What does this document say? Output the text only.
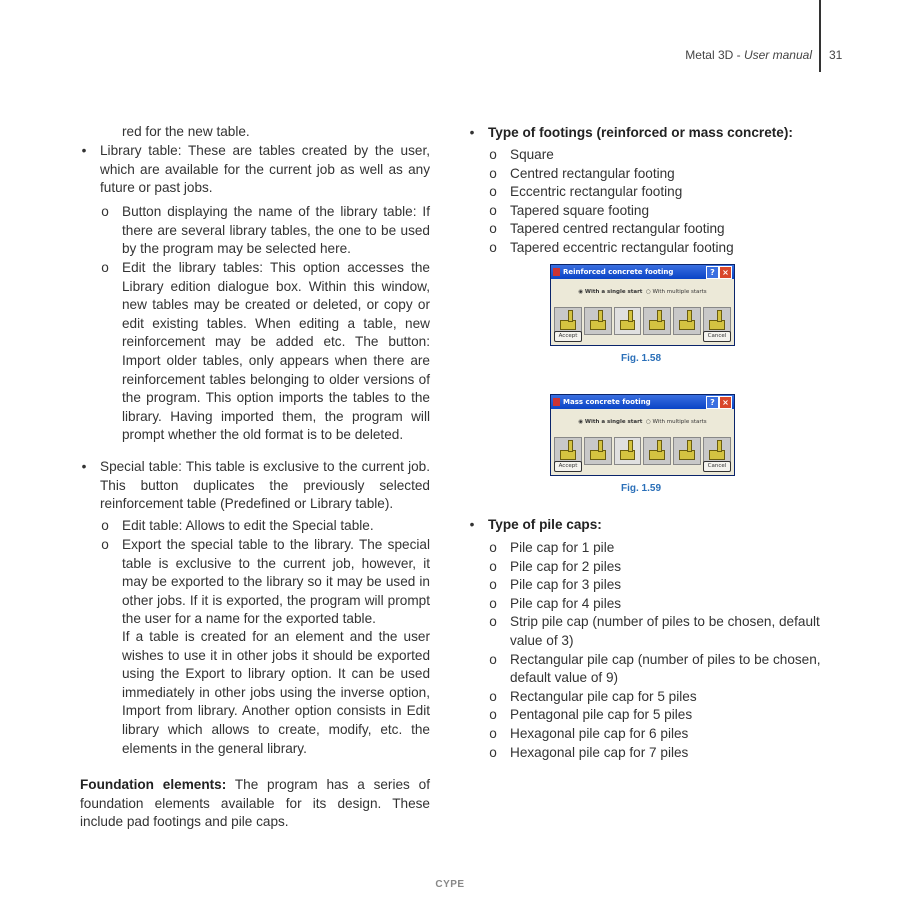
Metal 3D - User manual 31
red for the new table.
• Library table: These are tables created by the user, which are available for the current job as well as any future or past jobs.
o Button displaying the name of the library table: If there are several library tables, the one to be used by the program may be selected here.
o Edit the library tables: This option accesses the Library edition dialogue box. Within this window, new tables may be created or deleted, or copy or edit existing tables. When editing a table, new reinforcement may be added etc. The button: Import older tables, only appears when there are reinforcement tables belonging to older versions of the program. This option imports the tables to the library. Having imported them, the program will prompt whether the old format is to be deleted.
• Special table: This table is exclusive to the current job. This button duplicates the previously selected reinforcement table (Predefined or Library table).
o Edit table: Allows to edit the Special table.
o Export the special table to the library. The special table is exclusive to the current job, however, it may be exported to the library so it may be used in other jobs. If it is exported, the program will prompt the user for a name for the exported table.
If a table is created for an element and the user wishes to use it in other jobs it should be exported using the Export to library option. It can be used immediately in other jobs using the inverse option, Import from library. Another option consists in Edit library which allows to create, modify, etc. the elements in the general library.
Foundation elements: The program has a series of foundation elements available for its design. These include pad footings and pile caps.
• Type of footings (reinforced or mass concrete):
o Square
o Centred rectangular footing
o Eccentric rectangular footing
o Tapered square footing
o Tapered centred rectangular footing
o Tapered eccentric rectangular footing
Reinforced concrete footing	? ×
◉ With a single start ○ With multiple starts
Accept	Cancel
Fig. 1.58
Mass concrete footing	? ×
◉ With a single start ○ With multiple starts
Accept	Cancel
Fig. 1.59
• Type of pile caps:
o Pile cap for 1 pile
o Pile cap for 2 piles
o Pile cap for 3 piles
o Pile cap for 4 piles
o Strip pile cap (number of piles to be chosen, default value of 3)
o Rectangular pile cap (number of piles to be chosen, default value of 9)
o Rectangular pile cap for 5 piles
o Pentagonal pile cap for 5 piles
o Hexagonal pile cap for 6 piles
o Hexagonal pile cap for 7 piles
CYPE
